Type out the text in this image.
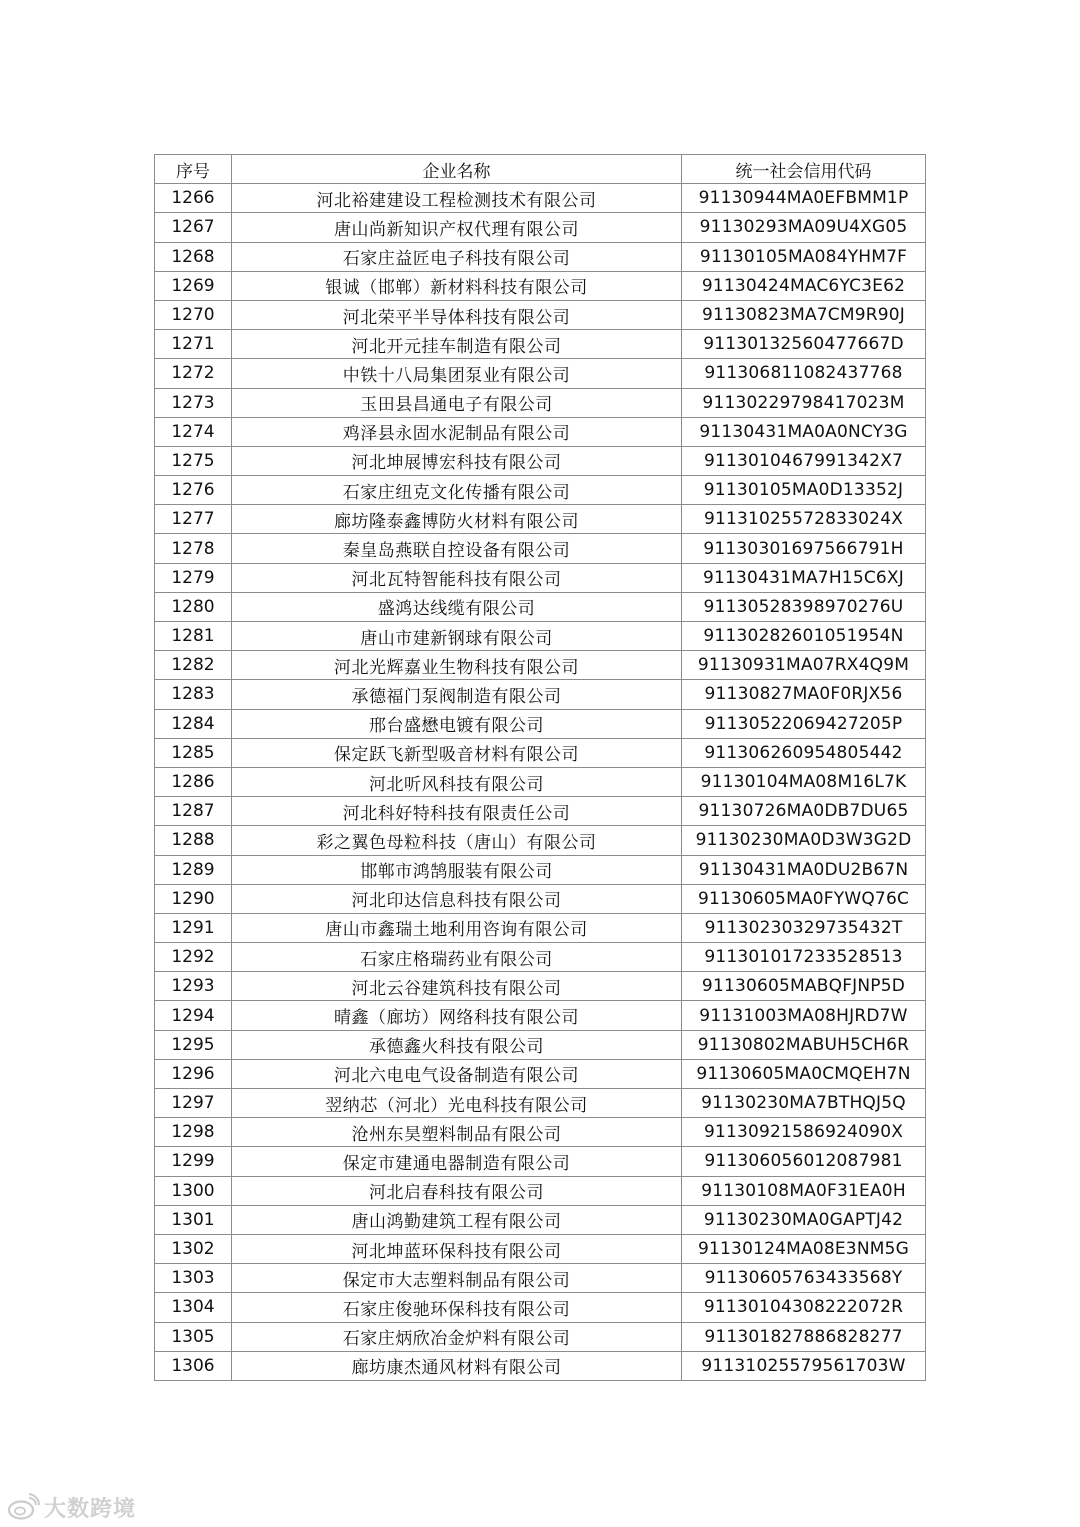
序号	企业名称	统一社会信用代码
1266	河北裕建建设工程检测技术有限公司	91130944MA0EFBMM1P
1267	唐山尚新知识产权代理有限公司	91130293MA09U4XG05
1268	石家庄益匠电子科技有限公司	91130105MA084YHM7F
1269	银诚（邯郸）新材料科技有限公司	91130424MAC6YC3E62
1270	河北荣平半导体科技有限公司	91130823MA7CM9R90J
1271	河北开元挂车制造有限公司	91130132560477667D
1272	中铁十八局集团泵业有限公司	911306811082437768
1273	玉田县昌通电子有限公司	91130229798417023M
1274	鸡泽县永固水泥制品有限公司	91130431MA0A0NCY3G
1275	河北坤展博宏科技有限公司	9113010467991342X7
1276	石家庄纽克文化传播有限公司	91130105MA0D13352J
1277	廊坊隆泰鑫博防火材料有限公司	91131025572833024X
1278	秦皇岛燕联自控设备有限公司	91130301697566791H
1279	河北瓦特智能科技有限公司	91130431MA7H15C6XJ
1280	盛鸿达线缆有限公司	91130528398970276U
1281	唐山市建新钢球有限公司	91130282601051954N
1282	河北光辉嘉业生物科技有限公司	91130931MA07RX4Q9M
1283	承德福门泵阀制造有限公司	91130827MA0F0RJX56
1284	邢台盛懋电镀有限公司	91130522069427205P
1285	保定跃飞新型吸音材料有限公司	911306260954805442
1286	河北听风科技有限公司	91130104MA08M16L7K
1287	河北科好特科技有限责任公司	91130726MA0DB7DU65
1288	彩之翼色母粒科技（唐山）有限公司	91130230MA0D3W3G2D
1289	邯郸市鸿鹄服装有限公司	91130431MA0DU2B67N
1290	河北印达信息科技有限公司	91130605MA0FYWQ76C
1291	唐山市鑫瑞土地利用咨询有限公司	91130230329735432T
1292	石家庄格瑞药业有限公司	911301017233528513
1293	河北云谷建筑科技有限公司	91130605MABQFJNP5D
1294	晴鑫（廊坊）网络科技有限公司	91131003MA08HJRD7W
1295	承德鑫火科技有限公司	91130802MABUH5CH6R
1296	河北六电电气设备制造有限公司	91130605MA0CMQEH7N
1297	翌纳芯（河北）光电科技有限公司	91130230MA7BTHQJ5Q
1298	沧州东昊塑料制品有限公司	91130921586924090X
1299	保定市建通电器制造有限公司	911306056012087981
1300	河北启春科技有限公司	91130108MA0F31EA0H
1301	唐山鸿勤建筑工程有限公司	91130230MA0GAPTJ42
1302	河北坤蓝环保科技有限公司	91130124MA08E3NM5G
1303	保定市大志塑料制品有限公司	91130605763433568Y
1304	石家庄俊驰环保科技有限公司	91130104308222072R
1305	石家庄炳欣冶金炉料有限公司	911301827886828277
1306	廊坊康杰通风材料有限公司	91131025579561703W
大数跨境
